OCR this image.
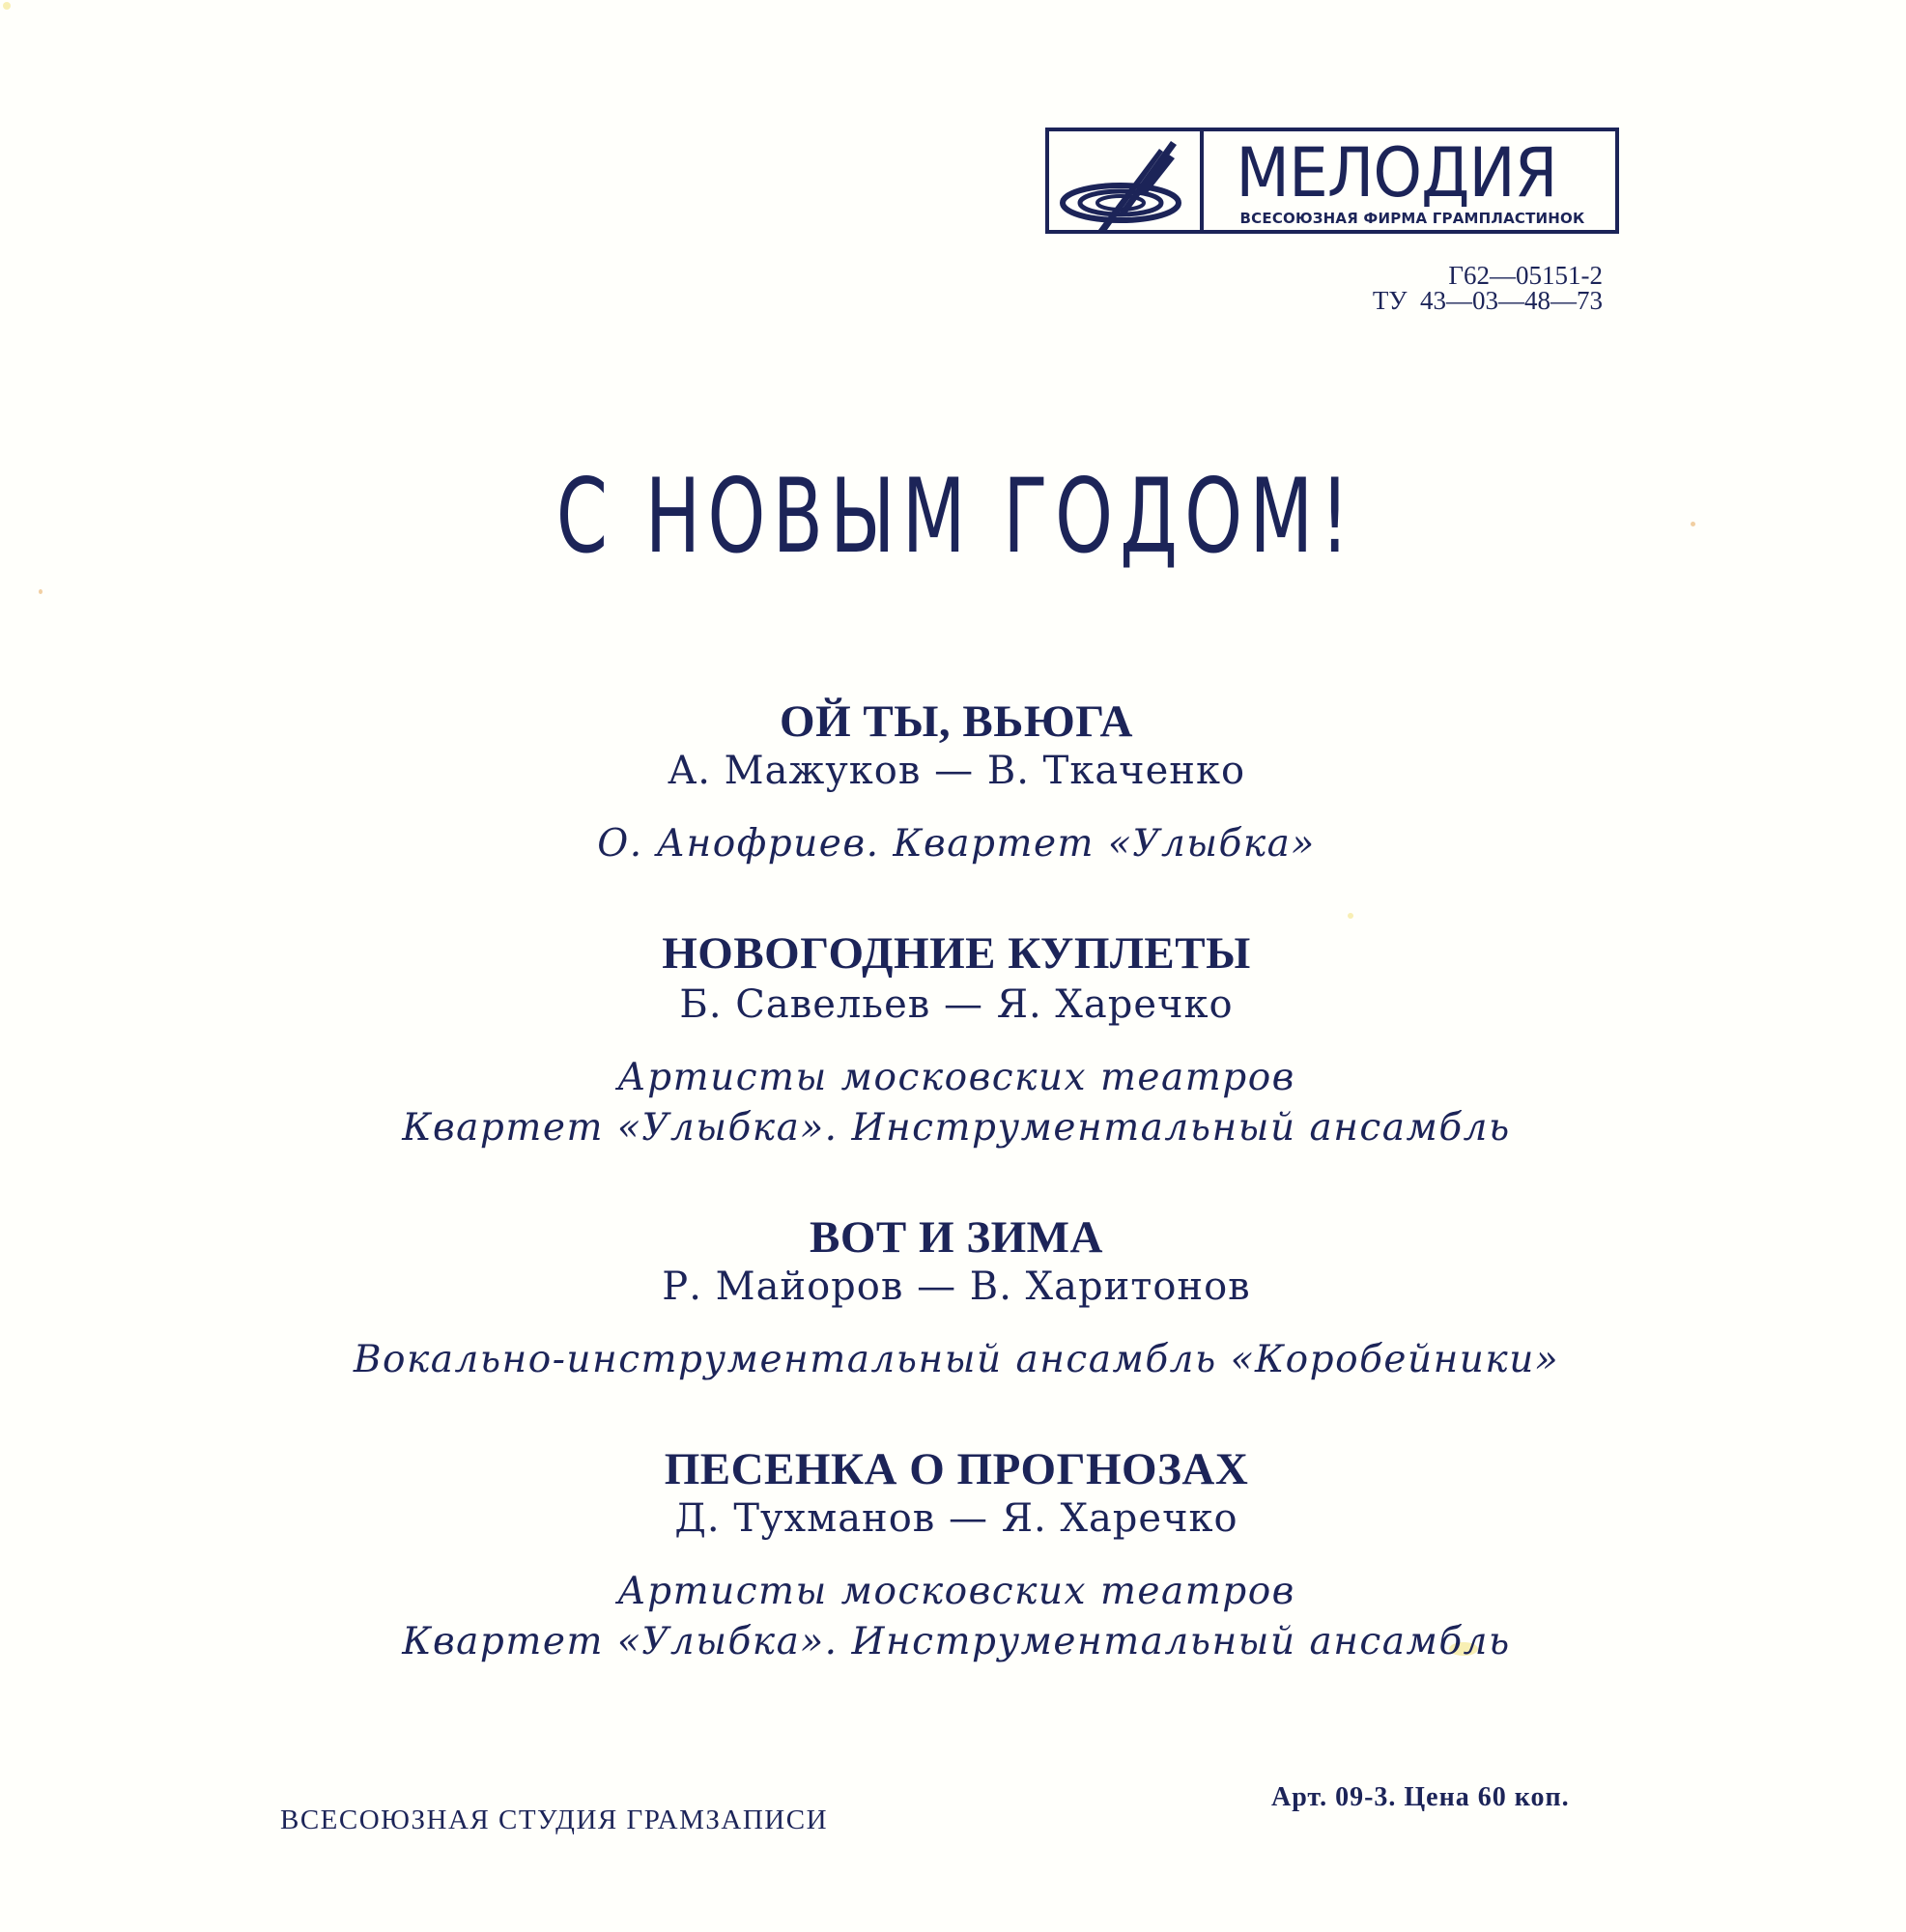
МЕЛОДИЯ
ВСЕСОЮЗНАЯ ФИРМА ГРАМПЛАСТИНОК
Г62—05151-2
ТУ  43—03—48—73
С НОВЫМ ГОДОМ!
ОЙ ТЫ, ВЬЮГА
А. Мажуков — В. Ткаченко
О. Анофриев. Квартет «Улыбка»
НОВОГОДНИЕ КУПЛЕТЫ
Б. Савельев — Я. Харечко
Артисты московских театров
Квартет «Улыбка». Инструментальный ансамбль
ВОТ И ЗИМА
Р. Майоров — В. Харитонов
Вокально-инструментальный ансамбль «Коробейники»
ПЕСЕНКА О ПРОГНОЗАХ
Д. Тухманов — Я. Харечко
Артисты московских театров
Квартет «Улыбка». Инструментальный ансамбль
ВСЕСОЮЗНАЯ СТУДИЯ ГРАМЗАПИСИ
Арт. 09-3. Цена 60 коп.
